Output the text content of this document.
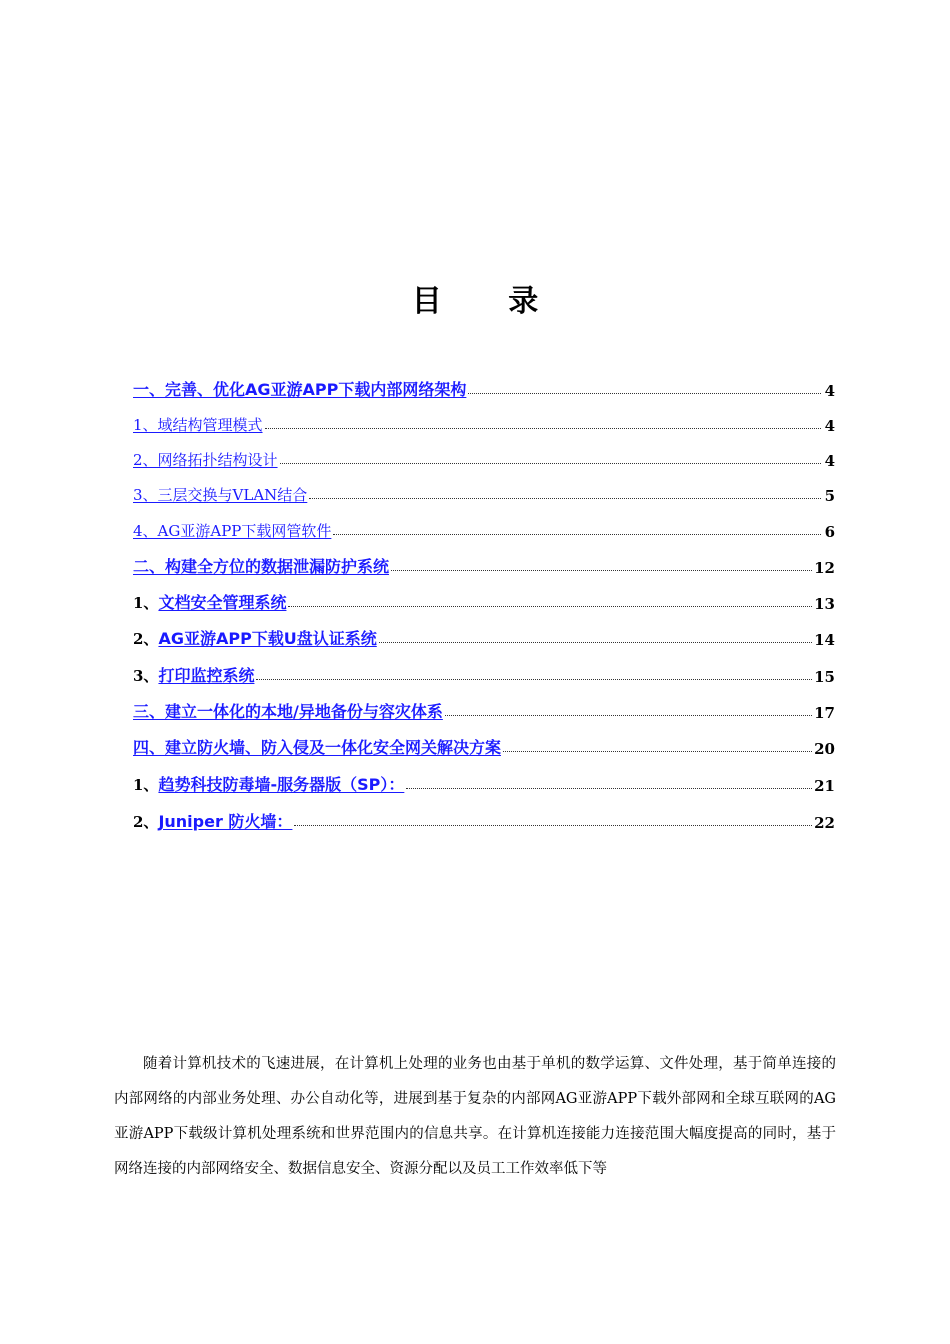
目 录
一、完善、优化AG亚游APP下载内部网络架构	4
1、域结构管理模式	4
2、网络拓扑结构设计	4
3、三层交换与VLAN结合	5
4、AG亚游APP下载网管软件	6
二、构建全方位的数据泄漏防护系统	12
1、 文档安全管理系统	13
2、 AG亚游APP下载U盘认证系统	14
3、 打印监控系统	15
三、建立一体化的本地/异地备份与容灾体系	17
四、建立防火墙、防入侵及一体化安全网关解决方案	20
1、 趋势科技防毒墙-服务器版（SP）：	21
2、 Juniper 防火墙：	22
随着计算机技术的飞速进展，在计算机上处理的业务也由基于单机的数学运算、文件处理，基于简单连接的内部网络的内部业务处理、办公自动化等，进展到基于复杂的内部网AG亚游APP下载外部网和全球互联网的AG亚游APP下载级计算机处理系统和世界范围内的信息共享。在计算机连接能力连接范围大幅度提高的同时，基于网络连接的内部网络安全、数据信息安全、资源分配以及员工工作效率低下等
